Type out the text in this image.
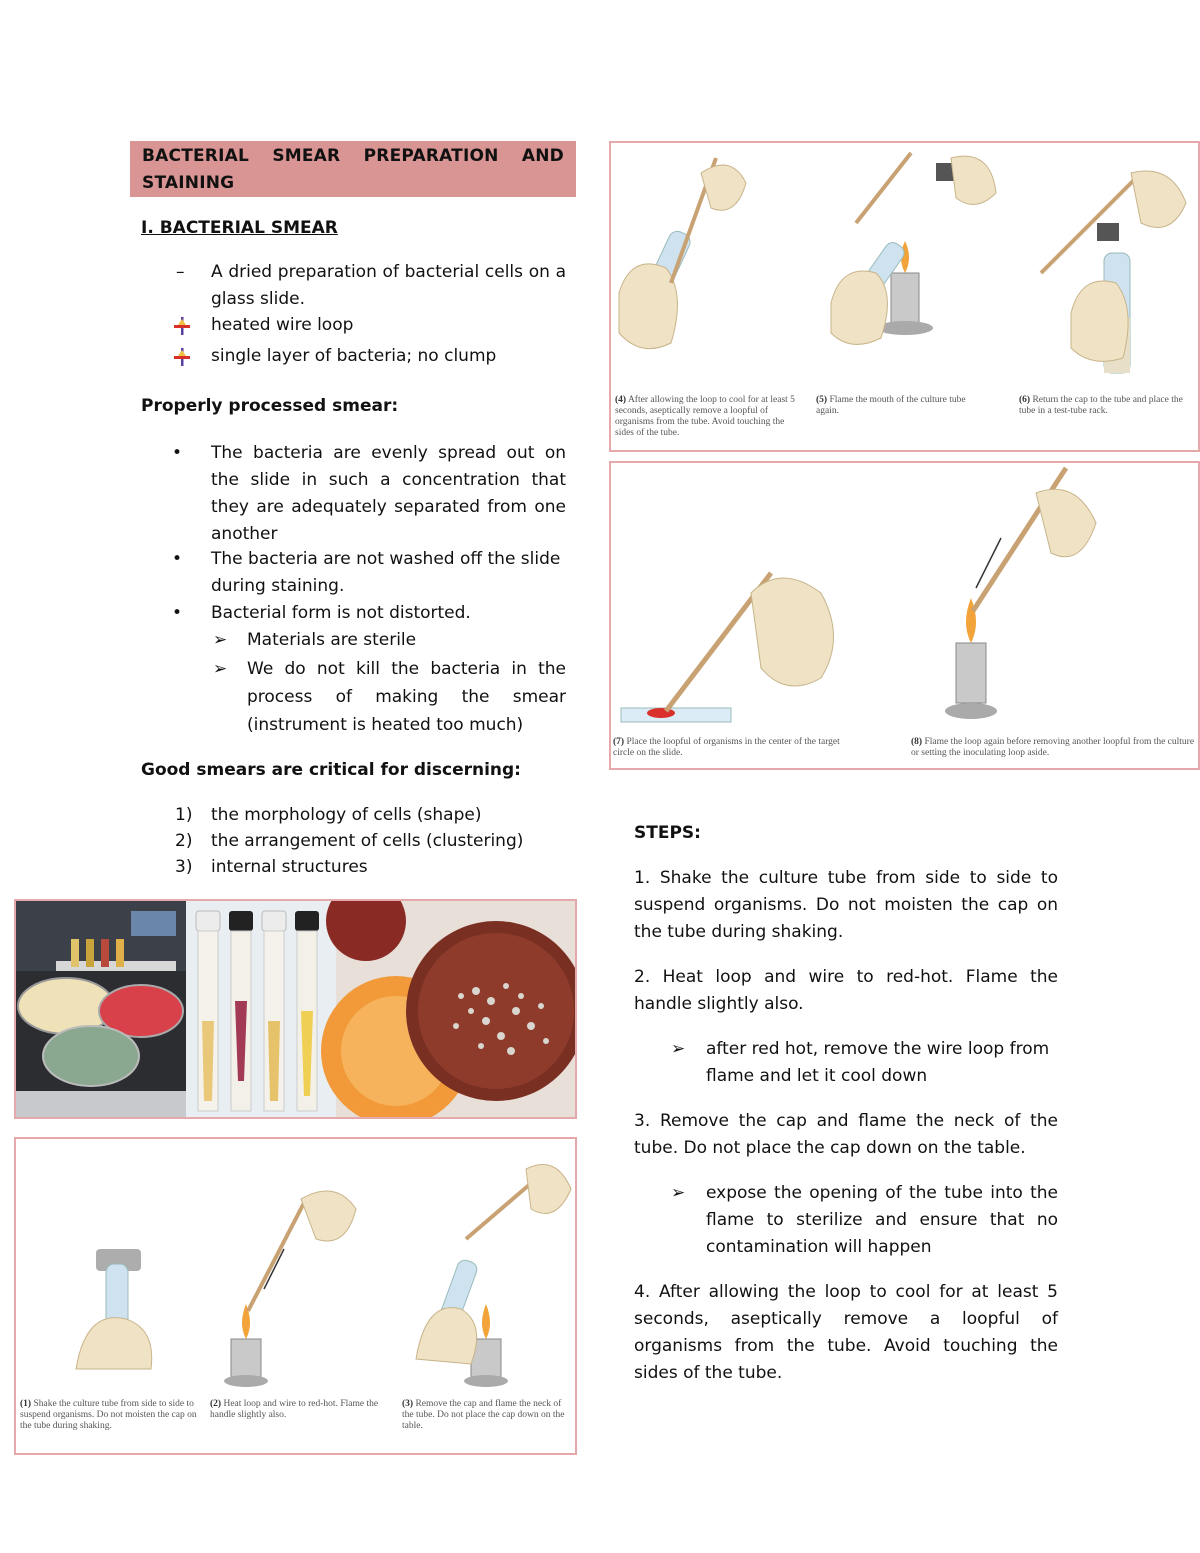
BACTERIAL SMEAR PREPARATION AND
STAINING
I. BACTERIAL SMEAR
–	A dried preparation of bacterial cells on a glass slide.
heated wire loop
single layer of bacteria; no clump
Properly processed smear:
•	The bacteria are evenly spread out on the slide in such a concentration that they are adequately separated from one another
•	The bacteria are not washed off the slide during staining.
•	Bacterial form is not distorted.
➢	Materials are sterile
➢	We do not kill the bacteria in the process of making the smear (instrument is heated too much)
Good smears are critical for discerning:
1)	the morphology of cells (shape)
2)	the arrangement of cells (clustering)
3)	internal structures
(1) Shake the culture tube from side to side to suspend organisms. Do not moisten the cap on the tube during shaking.
(2) Heat loop and wire to red-hot. Flame the handle slightly also.
(3) Remove the cap and flame the neck of the tube. Do not place the cap down on the table.
(4) After allowing the loop to cool for at least 5 seconds, aseptically remove a loopful of organisms from the tube. Avoid touching the sides of the tube.
(5) Flame the mouth of the culture tube again.
(6) Return the cap to the tube and place the tube in a test-tube rack.
(7) Place the loopful of organisms in the center of the target circle on the slide.
(8) Flame the loop again before removing another loopful from the culture or setting the inoculating loop aside.
STEPS:
1. Shake the culture tube from side to side to suspend organisms. Do not moisten the cap on the tube during shaking.
2. Heat loop and wire to red-hot. Flame the handle slightly also.
➢	after red hot, remove the wire loop from flame and let it cool down
3. Remove the cap and flame the neck of the tube. Do not place the cap down on the table.
➢	expose the opening of the tube into the flame to sterilize and ensure that no contamination will happen
4. After allowing the loop to cool for at least 5 seconds, aseptically remove a loopful of organisms from the tube. Avoid touching the sides of the tube.
